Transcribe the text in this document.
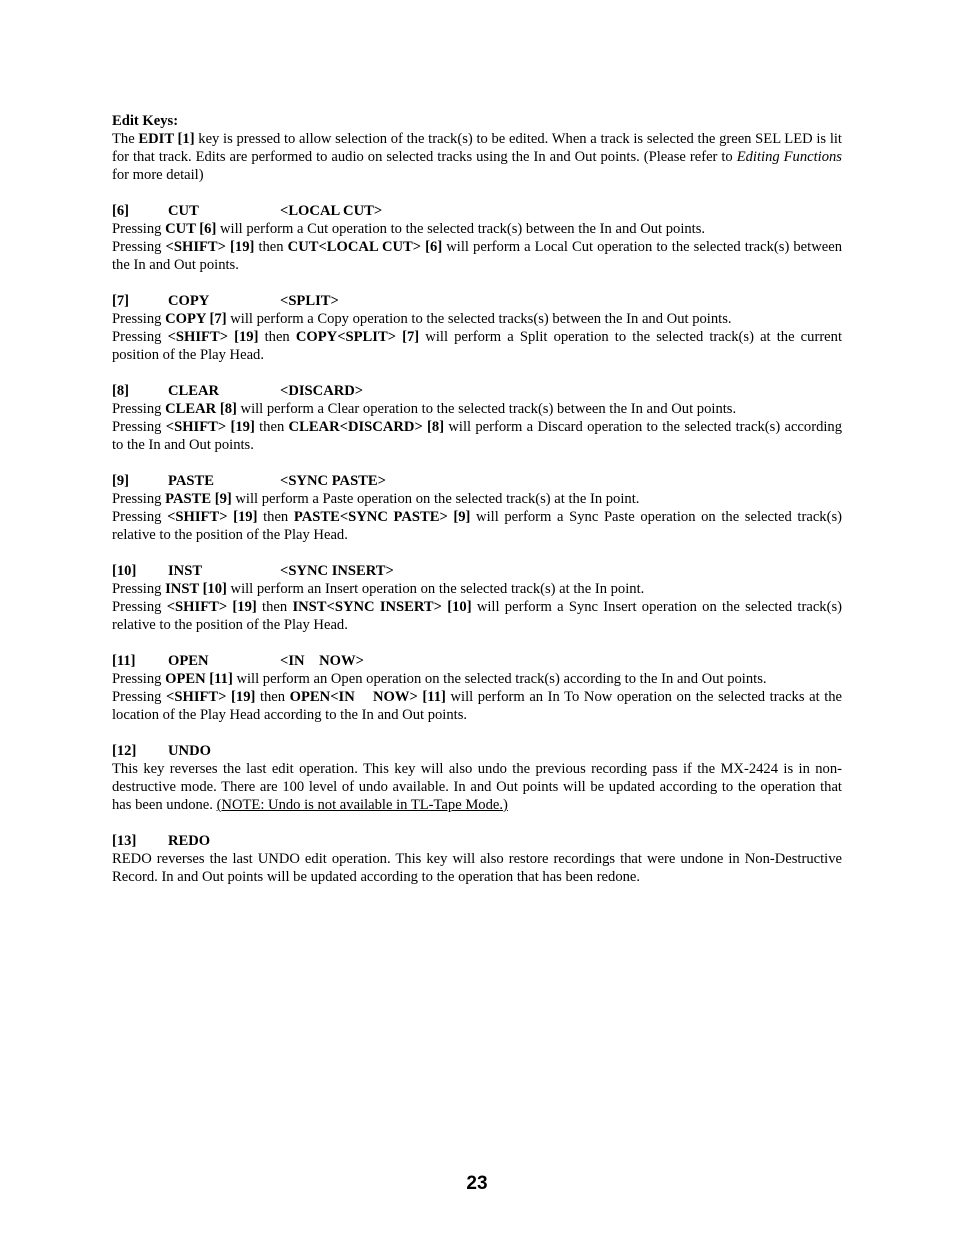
Edit Keys:

The EDIT [1] key is pressed to allow selection of the track(s) to be edited. When a track is selected the green SEL LED is lit for that track. Edits are performed to audio on selected tracks using the In and Out points. (Please refer to Editing Functions for more detail)

[6]	CUT	<LOCAL CUT>

Pressing CUT [6] will perform a Cut operation to the selected track(s) between the In and Out points.

Pressing <SHIFT> [19] then CUT<LOCAL CUT> [6] will perform a Local Cut operation to the selected track(s) between the In and Out points.

[7]	COPY	<SPLIT>

Pressing COPY [7] will perform a Copy operation to the selected tracks(s) between the In and Out points.

Pressing <SHIFT> [19] then COPY<SPLIT> [7] will perform a Split operation to the selected track(s) at the current position of the Play Head.

[8]	CLEAR	<DISCARD>

Pressing CLEAR [8] will perform a Clear operation to the selected track(s) between the In and Out points.

Pressing <SHIFT> [19] then CLEAR<DISCARD> [8] will perform a Discard operation to the selected track(s) according to the In and Out points.

[9]	PASTE	<SYNC PASTE>

Pressing PASTE [9] will perform a Paste operation on the selected track(s) at the In point.

Pressing <SHIFT> [19] then PASTE<SYNC PASTE> [9] will perform a Sync Paste operation on the selected track(s) relative to the position of the Play Head.

[10]	INST	<SYNC INSERT>

Pressing INST [10] will perform an Insert operation on the selected track(s) at the In point.

Pressing <SHIFT> [19] then INST<SYNC INSERT> [10] will perform a Sync Insert operation on the selected track(s) relative to the position of the Play Head.

[11]	OPEN	<IN    NOW>

Pressing OPEN [11] will perform an Open operation on the selected track(s) according to the In and Out points.

Pressing <SHIFT> [19] then OPEN<IN    NOW> [11] will perform an In To Now operation on the selected tracks at the location of the Play Head according to the In and Out points.

[12]	UNDO

This key reverses the last edit operation. This key will also undo the previous recording pass if the MX-2424 is in non-destructive mode. There are 100 level of undo available. In and Out points will be updated according to the operation that has been undone. (NOTE: Undo is not available in TL-Tape Mode.)

[13]	REDO

REDO reverses the last UNDO edit operation. This key will also restore recordings that were undone in Non-Destructive Record. In and Out points will be updated according to the operation that has been redone.

23
